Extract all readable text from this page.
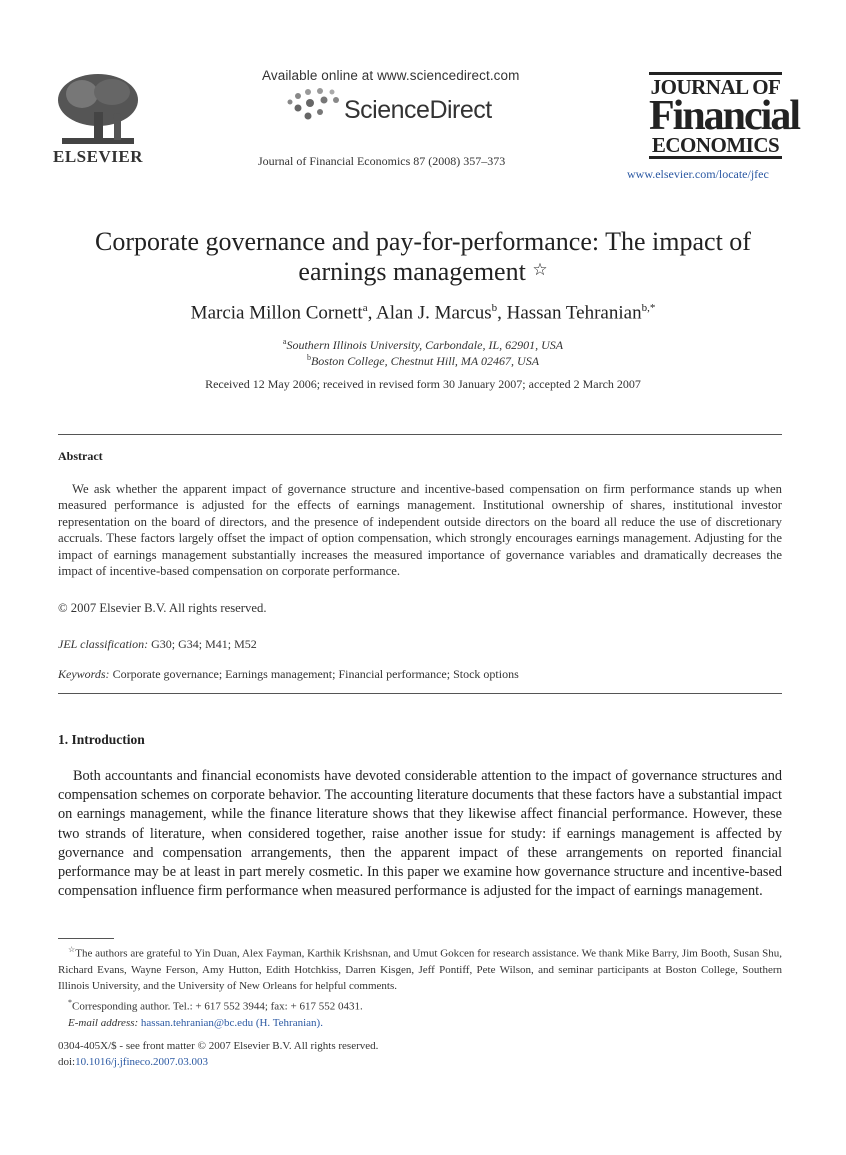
ELSEVIER
Available online at www.sciencedirect.com
ScienceDirect
Journal of Financial Economics 87 (2008) 357–373
JOURNAL OF
Financial
ECONOMICS
www.elsevier.com/locate/jfec
Corporate governance and pay-for-performance: The impact of
earnings management ☆
Marcia Millon Cornett$^a$, Alan J. Marcus$^b$, Hassan Tehranian$^{b,*}$
$^a$Southern Illinois University, Carbondale, IL, 62901, USA
$^b$Boston College, Chestnut Hill, MA 02467, USA
Received 12 May 2006; received in revised form 30 January 2007; accepted 2 March 2007
Abstract
We ask whether the apparent impact of governance structure and incentive-based compensation on firm performance stands up when measured performance is adjusted for the effects of earnings management. Institutional ownership of shares, institutional investor representation on the board of directors, and the presence of independent outside directors on the board all reduce the use of discretionary accruals. These factors largely offset the impact of option compensation, which strongly encourages earnings management. Adjusting for the impact of earnings management substantially increases the measured importance of governance variables and dramatically decreases the impact of incentive-based compensation on corporate performance.
© 2007 Elsevier B.V. All rights reserved.
JEL classification: G30; G34; M41; M52
Keywords: Corporate governance; Earnings management; Financial performance; Stock options
1. Introduction
Both accountants and financial economists have devoted considerable attention to the impact of governance structures and compensation schemes on corporate behavior. The accounting literature documents that these factors have a substantial impact on earnings management, while the finance literature shows that they likewise affect financial performance. However, these two strands of literature, when considered together, raise another issue for study: if earnings management is affected by governance and compensation arrangements, then the apparent impact of these arrangements on reported financial performance may be at least in part merely cosmetic. In this paper we examine how governance structure and incentive-based compensation influence firm performance when measured performance is adjusted for the impact of earnings management.
☆The authors are grateful to Yin Duan, Alex Fayman, Karthik Krishsnan, and Umut Gokcen for research assistance. We thank Mike Barry, Jim Booth, Susan Shu, Richard Evans, Wayne Ferson, Amy Hutton, Edith Hotchkiss, Darren Kisgen, Jeff Pontiff, Pete Wilson, and seminar participants at Boston College, Southern Illinois University, and the University of New Orleans for helpful comments.
*Corresponding author. Tel.: + 617 552 3944; fax: + 617 552 0431.
E-mail address: hassan.tehranian@bc.edu (H. Tehranian).
0304-405X/$ - see front matter © 2007 Elsevier B.V. All rights reserved.
doi:10.1016/j.jfineco.2007.03.003
